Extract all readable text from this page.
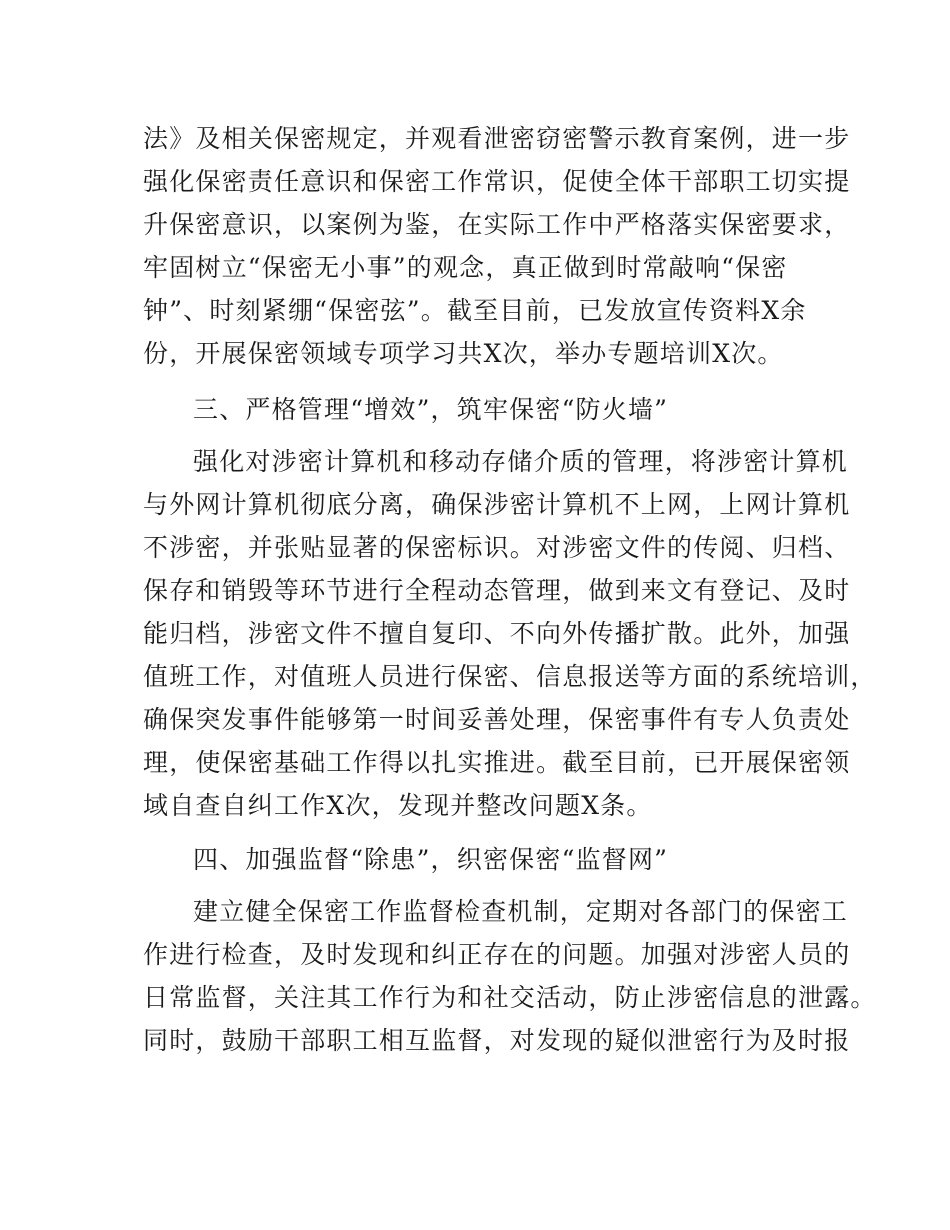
法》及相关保密规定，并观看泄密窃密警示教育案例，进一步
强化保密责任意识和保密工作常识，促使全体干部职工切实提
升保密意识，以案例为鉴，在实际工作中严格落实保密要求，
牢固树立“保密无小事”的观念，真正做到时常敲响“保密
钟”、时刻紧绷“保密弦”。截至目前，已发放宣传资料X余
份，开展保密领域专项学习共X次，举办专题培训X次。
三、严格管理“增效”，筑牢保密“防火墙”
强化对涉密计算机和移动存储介质的管理，将涉密计算机
与外网计算机彻底分离，确保涉密计算机不上网，上网计算机
不涉密，并张贴显著的保密标识。对涉密文件的传阅、归档、
保存和销毁等环节进行全程动态管理，做到来文有登记、及时
能归档，涉密文件不擅自复印、不向外传播扩散。此外，加强
值班工作，对值班人员进行保密、信息报送等方面的系统培训，
确保突发事件能够第一时间妥善处理，保密事件有专人负责处
理，使保密基础工作得以扎实推进。截至目前，已开展保密领
域自查自纠工作X次，发现并整改问题X条。
四、加强监督“除患”，织密保密“监督网”
建立健全保密工作监督检查机制，定期对各部门的保密工
作进行检查，及时发现和纠正存在的问题。加强对涉密人员的
日常监督，关注其工作行为和社交活动，防止涉密信息的泄露。
同时，鼓励干部职工相互监督，对发现的疑似泄密行为及时报
